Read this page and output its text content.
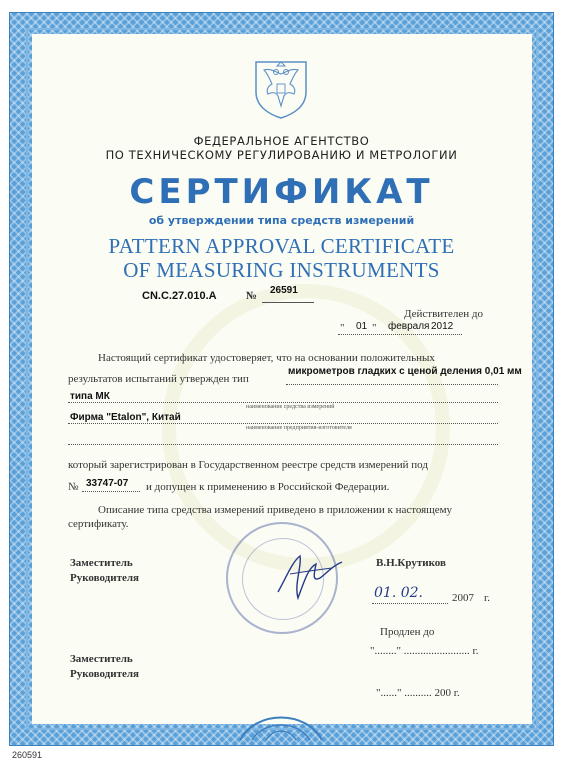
ФЕДЕРАЛЬНОЕ АГЕНТСТВО
ПО ТЕХНИЧЕСКОМУ РЕГУЛИРОВАНИЮ И МЕТРОЛОГИИ
СЕРТИФИКАТ
об утверждении типа средств измерений
PATTERN APPROVAL CERTIFICATE
OF MEASURING INSTRUMENTS
CN.C.27.010.A	№ 26591
Действителен до
" 01 " февраля 2012
Настоящий сертификат удостоверяет, что на основании положительных
результатов испытаний утвержден тип
микрометров гладких с ценой деления 0,01 мм
типа МК
наименование средства измерений
Фирма "Etalon", Китай
наименование предприятия-изготовителя
который зарегистрирован в Государственном реестре средств измерений под
№ 33747-07 и допущен к применению в Российской Федерации.
Описание типа средства измерений приведено в приложении к настоящему
сертификату.
Заместитель
Руководителя
В.Н.Крутиков
01. 02.	2007 г.
Продлен до
"........" ........................ г.
Заместитель
Руководителя
"......" .......... 200 г.
260591
